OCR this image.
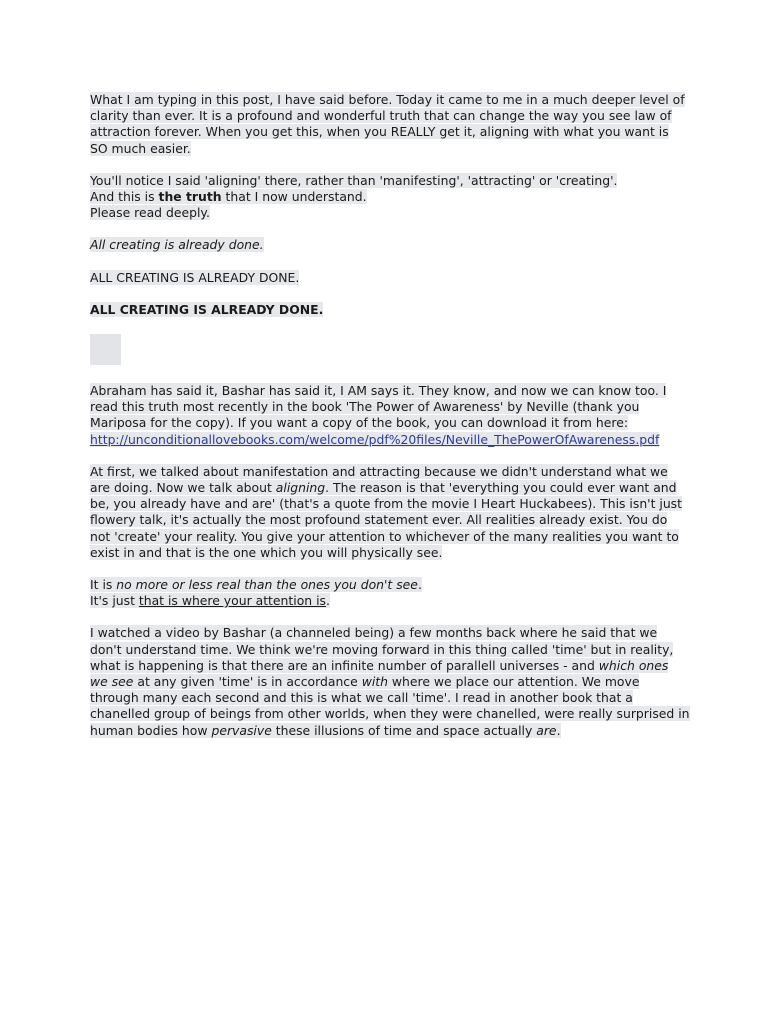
What I am typing in this post, I have said before. Today it came to me in a much deeper level of clarity than ever. It is a profound and wonderful truth that can change the way you see law of attraction forever. When you get this, when you REALLY get it, aligning with what you want is SO much easier.

You'll notice I said 'aligning' there, rather than 'manifesting', 'attracting' or 'creating'.
And this is the truth that I now understand.
Please read deeply.

All creating is already done.

ALL CREATING IS ALREADY DONE.

ALL CREATING IS ALREADY DONE.

Abraham has said it, Bashar has said it, I AM says it. They know, and now we can know too. I read this truth most recently in the book 'The Power of Awareness' by Neville (thank you Mariposa for the copy). If you want a copy of the book, you can download it from here:
http://unconditionallovebooks.com/welcome/pdf%20files/Neville_ThePowerOfAwareness.pdf

At first, we talked about manifestation and attracting because we didn't understand what we are doing. Now we talk about aligning. The reason is that 'everything you could ever want and be, you already have and are' (that's a quote from the movie I Heart Huckabees). This isn't just flowery talk, it's actually the most profound statement ever. All realities already exist. You do not 'create' your reality. You give your attention to whichever of the many realities you want to exist in and that is the one which you will physically see.

It is no more or less real than the ones you don't see.
It's just that is where your attention is.

I watched a video by Bashar (a channeled being) a few months back where he said that we don't understand time. We think we're moving forward in this thing called 'time' but in reality, what is happening is that there are an infinite number of parallell universes - and which ones we see at any given 'time' is in accordance with where we place our attention. We move through many each second and this is what we call 'time'. I read in another book that a chanelled group of beings from other worlds, when they were chanelled, were really surprised in human bodies how pervasive these illusions of time and space actually are.
